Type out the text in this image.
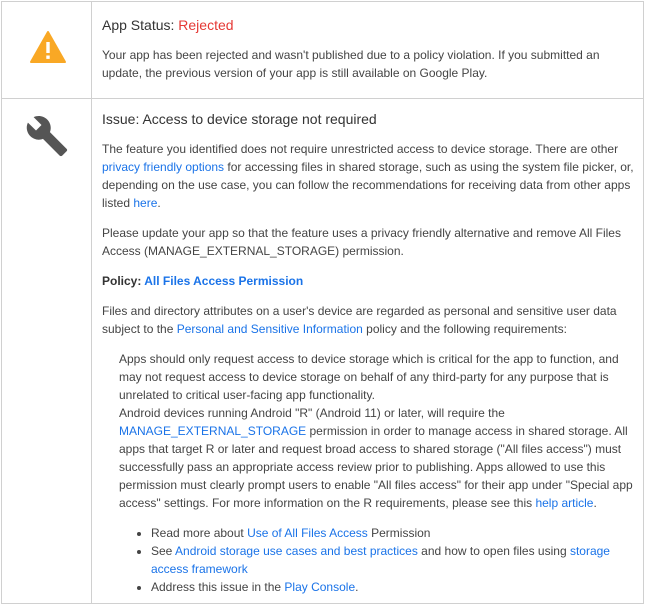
App Status: Rejected

Your app has been rejected and wasn't published due to a policy violation. If you submitted an update, the previous version of your app is still available on Google Play.

Issue: Access to device storage not required

The feature you identified does not require unrestricted access to device storage. There are other privacy friendly options for accessing files in shared storage, such as using the system file picker, or, depending on the use case, you can follow the recommendations for receiving data from other apps listed here.

Please update your app so that the feature uses a privacy friendly alternative and remove All Files Access (MANAGE_EXTERNAL_STORAGE) permission.

Policy: All Files Access Permission

Files and directory attributes on a user's device are regarded as personal and sensitive user data subject to the Personal and Sensitive Information policy and the following requirements:

Apps should only request access to device storage which is critical for the app to function, and may not request access to device storage on behalf of any third-party for any purpose that is unrelated to critical user-facing app functionality.

Android devices running Android "R" (Android 11) or later, will require the MANAGE_EXTERNAL_STORAGE permission in order to manage access in shared storage. All apps that target R or later and request broad access to shared storage ("All files access") must successfully pass an appropriate access review prior to publishing. Apps allowed to use this permission must clearly prompt users to enable "All files access" for their app under "Special app access" settings. For more information on the R requirements, please see this help article.

• Read more about Use of All Files Access Permission
• See Android storage use cases and best practices and how to open files using storage access framework
• Address this issue in the Play Console.
